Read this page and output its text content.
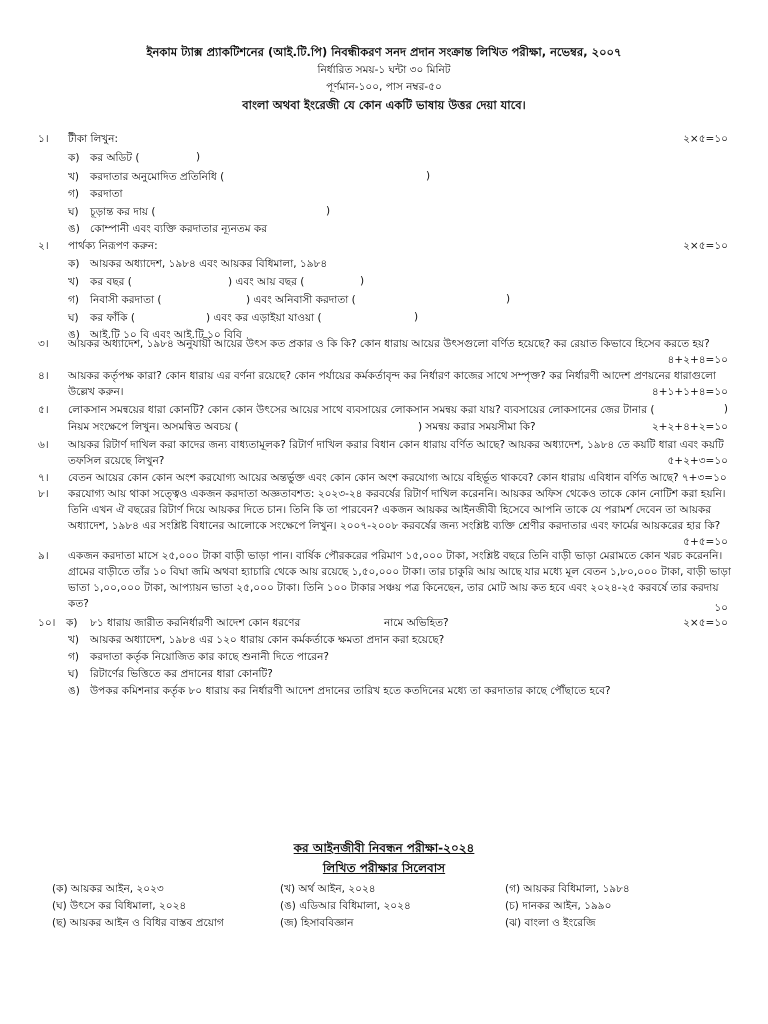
ইনকাম ট্যাক্স প্র্যাকটিশনের (আই.টি.পি) নিবন্ধীকরণ সনদ প্রদান সংক্রান্ত লিখিত পরীক্ষা, নভেম্বর, ২০০৭
নির্ধারিত সময়-১ ঘন্টা ৩০ মিনিট
পূর্ণমান-১০০, পাস নম্বর-৫০
বাংলা অথবা ইংরেজী যে কোন একটি ভাষায় উত্তর দেয়া যাবে।
১। টীকা লিখুন:	২×৫=১০
ক) কর অডিট (	)
খ) করদাতার অনুমোদিত প্রতিনিধি (	)
গ) করদাতা
ঘ) চূড়ান্ত কর দায় (	)
ঙ) কোম্পানী এবং ব্যক্তি করদাতার ন্যূনতম কর
২। পার্থক্য নিরূপণ করুন:	২×৫=১০
ক) আয়কর অধ্যাদেশ, ১৯৮৪ এবং আয়কর বিধিমালা, ১৯৮৪
খ) কর বছর (	) এবং আয় বছর (	)
গ) নিবাসী করদাতা (	) এবং অনিবাসী করদাতা (	)
ঘ) কর ফাঁকি (	) এবং কর এড়াইয়া যাওয়া (	)
ঙ) আই.টি ১০ বি এবং আই.টি ১০ বিবি
৩। আয়কর অধ্যাদেশ, ১৯৮৪ অনুযায়ী আয়ের উৎস কত প্রকার ও কি কি? কোন ধারায় আয়ের উৎসগুলো বর্ণিত হয়েছে? কর রেয়াত কিভাবে হিসেব করতে হয়?
৪+২+৪=১০
৪। আয়কর কর্তৃপক্ষ কারা? কোন ধারায় এর বর্ণনা রয়েছে? কোন পর্যায়ের কর্মকর্তাবৃন্দ কর নির্ধারণ কাজের সাথে সম্পৃক্ত? কর নির্ধারণী আদেশ প্রণয়নের ধারাগুলো
উল্লেখ করুন।	৪+১+১+৪=১০
৫। লোকসান সমন্বয়ের ধারা কোনটি? কোন কোন উৎসের আয়ের সাথে ব্যবসায়ের লোকসান সমন্বয় করা যায়? ব্যবসায়ের লোকসানের জের টানার (	)
নিয়ম সংক্ষেপে লিখুন। অসমন্বিত অবচয় (	) সমন্বয় করার সময়সীমা কি?	২+২+৪+২=১০
৬। আয়কর রিটার্ণ দাখিল করা কাদের জন্য বাধ্যতামূলক? রিটার্ণ দাখিল করার বিধান কোন ধারায় বর্ণিত আছে? আয়কর অধ্যাদেশ, ১৯৮৪ তে কয়টি ধারা এবং কয়টি
তফসিল রয়েছে লিখুন?	৫+২+৩=১০
৭। বেতন আয়ের কোন কোন অংশ করযোগ্য আয়ের অন্তর্ভুক্ত এবং কোন কোন অংশ করযোগ্য আয়ে বহির্ভূত থাকবে? কোন ধারায় এবিধান বর্ণিত আছে? ৭+৩=১০
৮। করযোগ্য আয় থাকা সত্ত্বেও একজন করদাতা অজ্ঞতাবশত: ২০২৩-২৪ করবর্ষের রিটার্ণ দাখিল করেননি। আয়কর অফিস থেকেও তাকে কোন নোটিশ করা হয়নি।
তিনি এখন ঐ বছরের রিটার্ণ দিয়ে আয়কর দিতে চান। তিনি কি তা পারবেন? একজন আয়কর আইনজীবী হিসেবে আপনি তাকে যে পরামর্শ দেবেন তা আয়কর
অধ্যাদেশ, ১৯৮৪ এর সংশ্লিষ্ট বিধানের আলোকে সংক্ষেপে লিখুন। ২০০৭-২০০৮ করবর্ষের জন্য সংশ্লিষ্ট ব্যক্তি শ্রেণীর করদাতার এবং ফার্মের আয়করের হার কি?
৫+৫=১০
৯। একজন করদাতা মাসে ২৫,০০০ টাকা বাড়ী ভাড়া পান। বার্ষিক পৌরকরের পরিমাণ ১৫,০০০ টাকা, সংশ্লিষ্ট বছরে তিনি বাড়ী ভাড়া মেরামতে কোন খরচ করেননি।
গ্রামের বাড়ীতে তাঁর ১০ বিঘা জমি অথবা হ্যাচারি থেকে আয় রয়েছে ১,৫০,০০০ টাকা। তার চাকুরি আয় আছে যার মধ্যে মূল বেতন ১,৮০,০০০ টাকা, বাড়ী ভাড়া
ভাতা ১,০০,০০০ টাকা, আপ্যায়ন ভাতা ২৫,০০০ টাকা। তিনি ১০০ টাকার সঞ্চয় পত্র কিনেছেন, তার মোট আয় কত হবে এবং ২০২৪-২৫ করবর্ষে তার করদায়
কত?	১০
১০। ক) ৮১ ধারায় জারীত করনির্ধারণী আদেশ কোন ধরণের	নামে অভিহিত?	২×৫=১০
খ) আয়কর অধ্যাদেশ, ১৯৮৪ এর ১২০ ধারায় কোন কর্মকর্তাকে ক্ষমতা প্রদান করা হয়েছে?
গ) করদাতা কর্তৃক নিয়োজিত কার কাছে শুনানী দিতে পারেন?
ঘ) রিটার্ণের ভিত্তিতে কর প্রদানের ধারা কোনটি?
ঙ) উপকর কমিশনার কর্তৃক ৮০ ধারায় কর নির্ধারণী আদেশ প্রদানের তারিখ হতে কতদিনের মধ্যে তা করদাতার কাছে পৌঁছাতে হবে?
কর আইনজীবী নিবন্ধন পরীক্ষা-২০২৪
লিখিত পরীক্ষার সিলেবাস
(ক) আয়কর আইন, ২০২৩	(খ) অর্থ আইন, ২০২৪	(গ) আয়কর বিধিমালা, ১৯৮৪
(ঘ) উৎসে কর বিধিমালা, ২০২৪	(ঙ) এডিআর বিধিমালা, ২০২৪	(চ) দানকর আইন, ১৯৯০
(ছ) আয়কর আইন ও বিধির বাস্তব প্রয়োগ	(জ) হিসাববিজ্ঞান	(ঝ) বাংলা ও ইংরেজি
